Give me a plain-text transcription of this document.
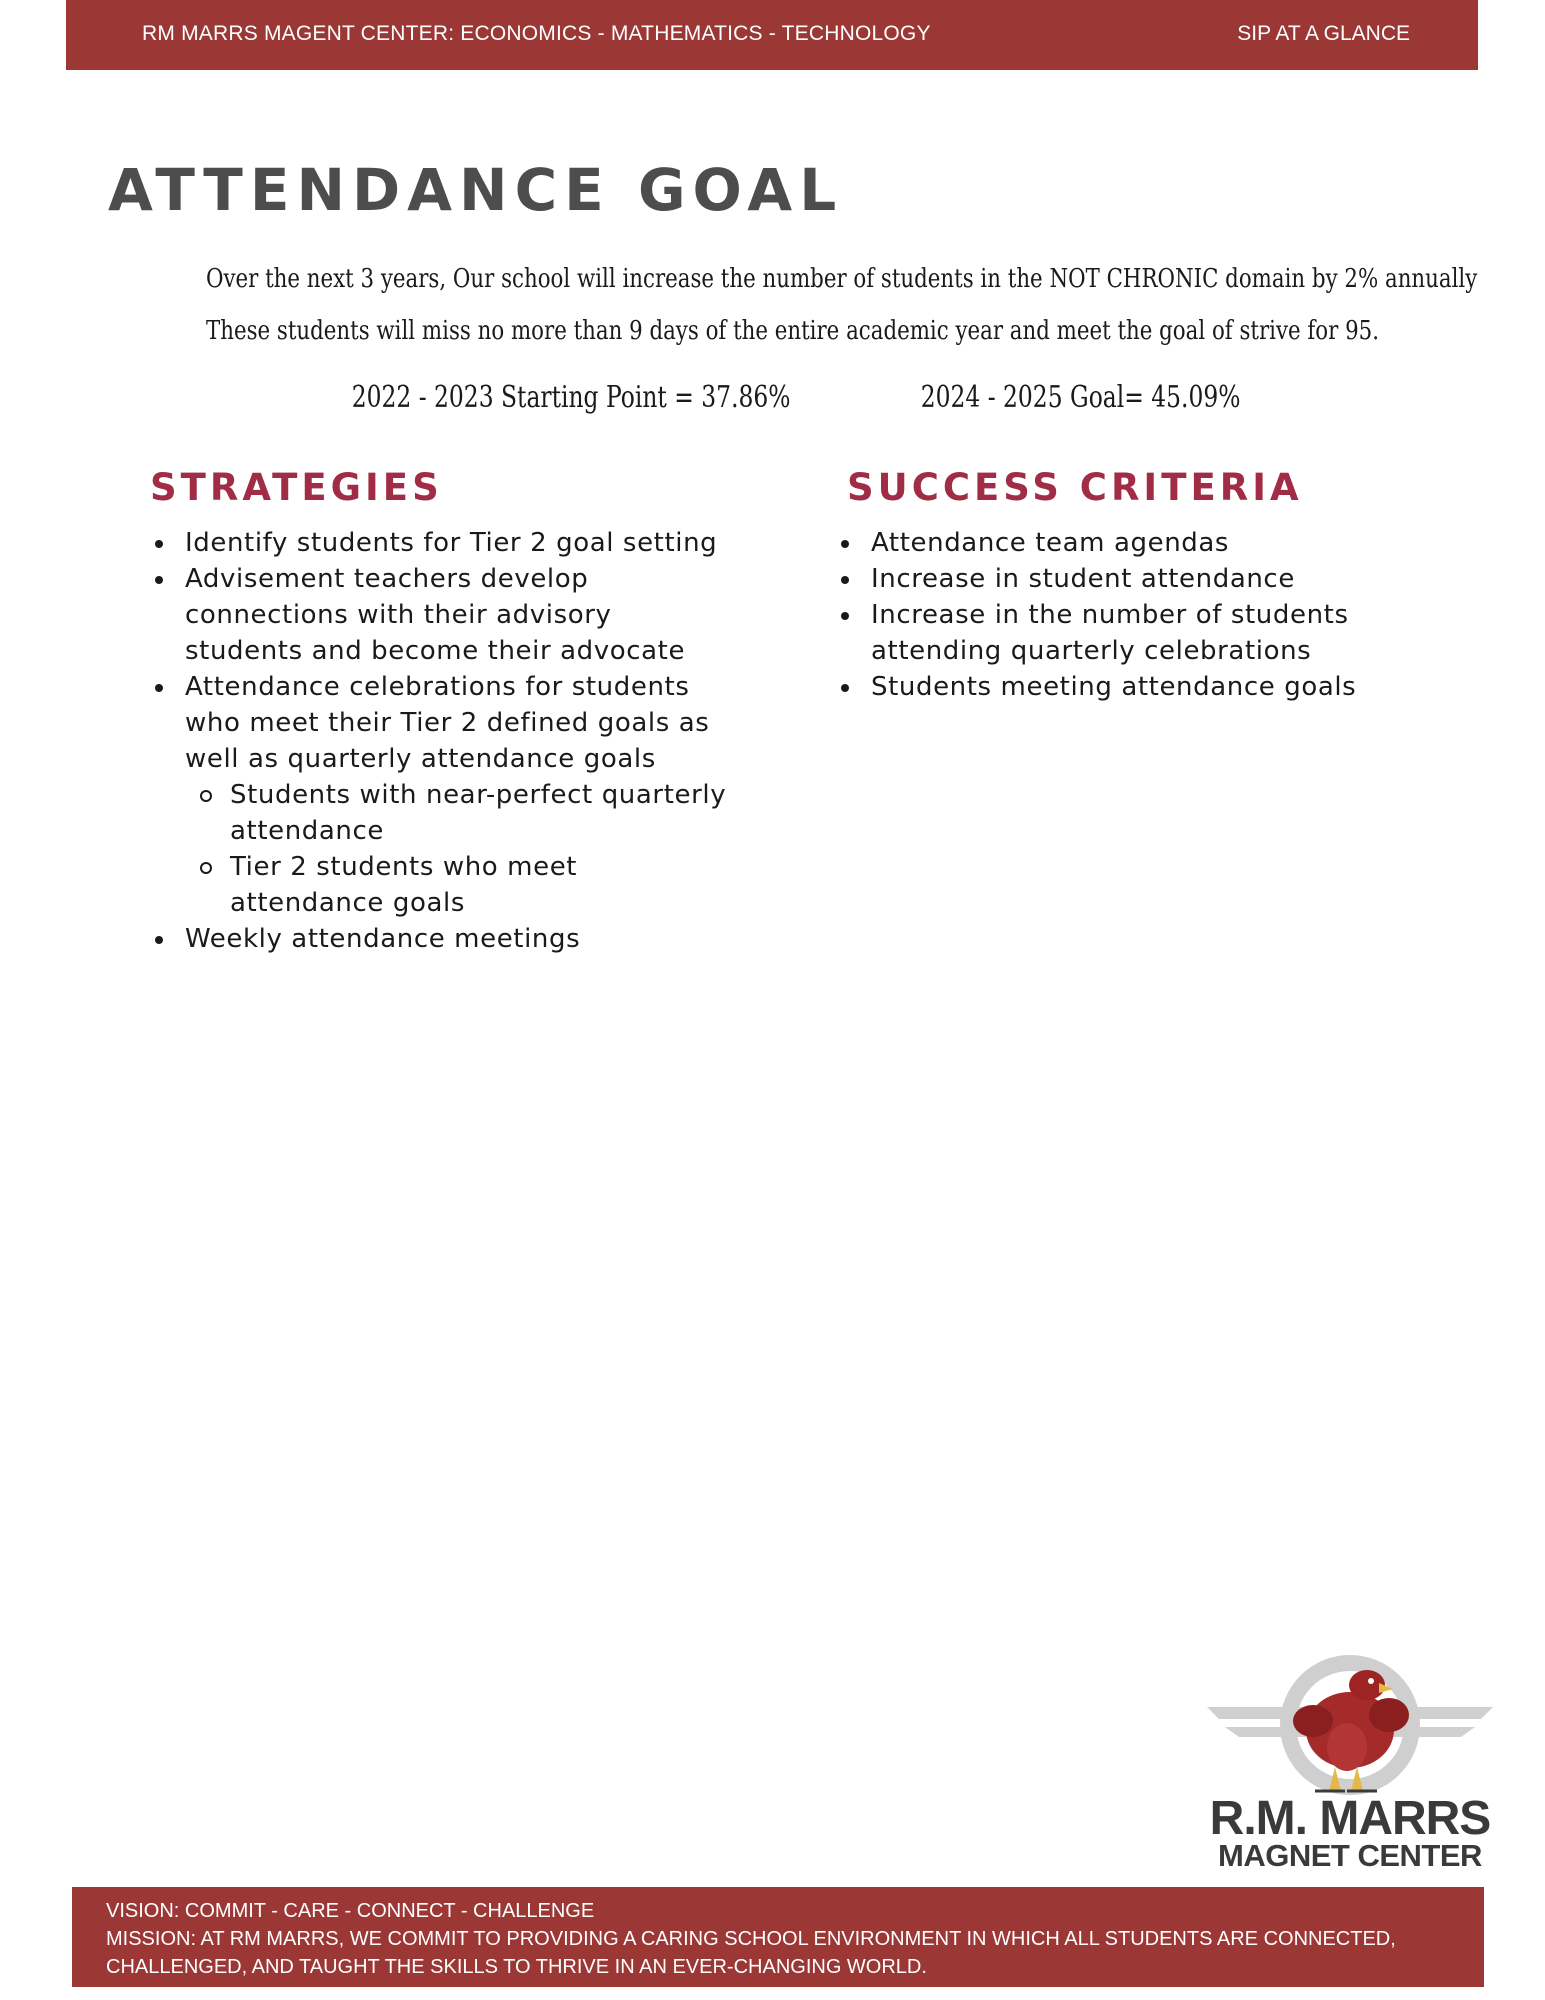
RM MARRS MAGENT CENTER: ECONOMICS - MATHEMATICS - TECHNOLOGY	SIP AT A GLANCE
ATTENDANCE GOAL
Over the next 3 years, Our school will increase the number of students in the NOT CHRONIC domain by 2% annually
These students will miss no more than 9 days of the entire academic year and meet the goal of strive for 95.
2022 - 2023 Starting Point = 37.86%	2024 - 2025 Goal= 45.09%
STRATEGIES
Identify students for Tier 2 goal setting
Advisement teachers develop connections with their advisory students and become their advocate
Attendance celebrations for students who meet their Tier 2 defined goals as well as quarterly attendance goals
Students with near-perfect quarterly attendance
Tier 2 students who meet attendance goals
Weekly attendance meetings
SUCCESS CRITERIA
Attendance team agendas
Increase in student attendance
Increase in the number of students attending quarterly celebrations
Students meeting attendance goals
R.M. MARRS
MAGNET CENTER
VISION: COMMIT - CARE - CONNECT - CHALLENGE
MISSION: AT RM MARRS, WE COMMIT TO PROVIDING A CARING SCHOOL ENVIRONMENT IN WHICH ALL STUDENTS ARE CONNECTED,
CHALLENGED, AND TAUGHT THE SKILLS TO THRIVE IN AN EVER-CHANGING WORLD.
